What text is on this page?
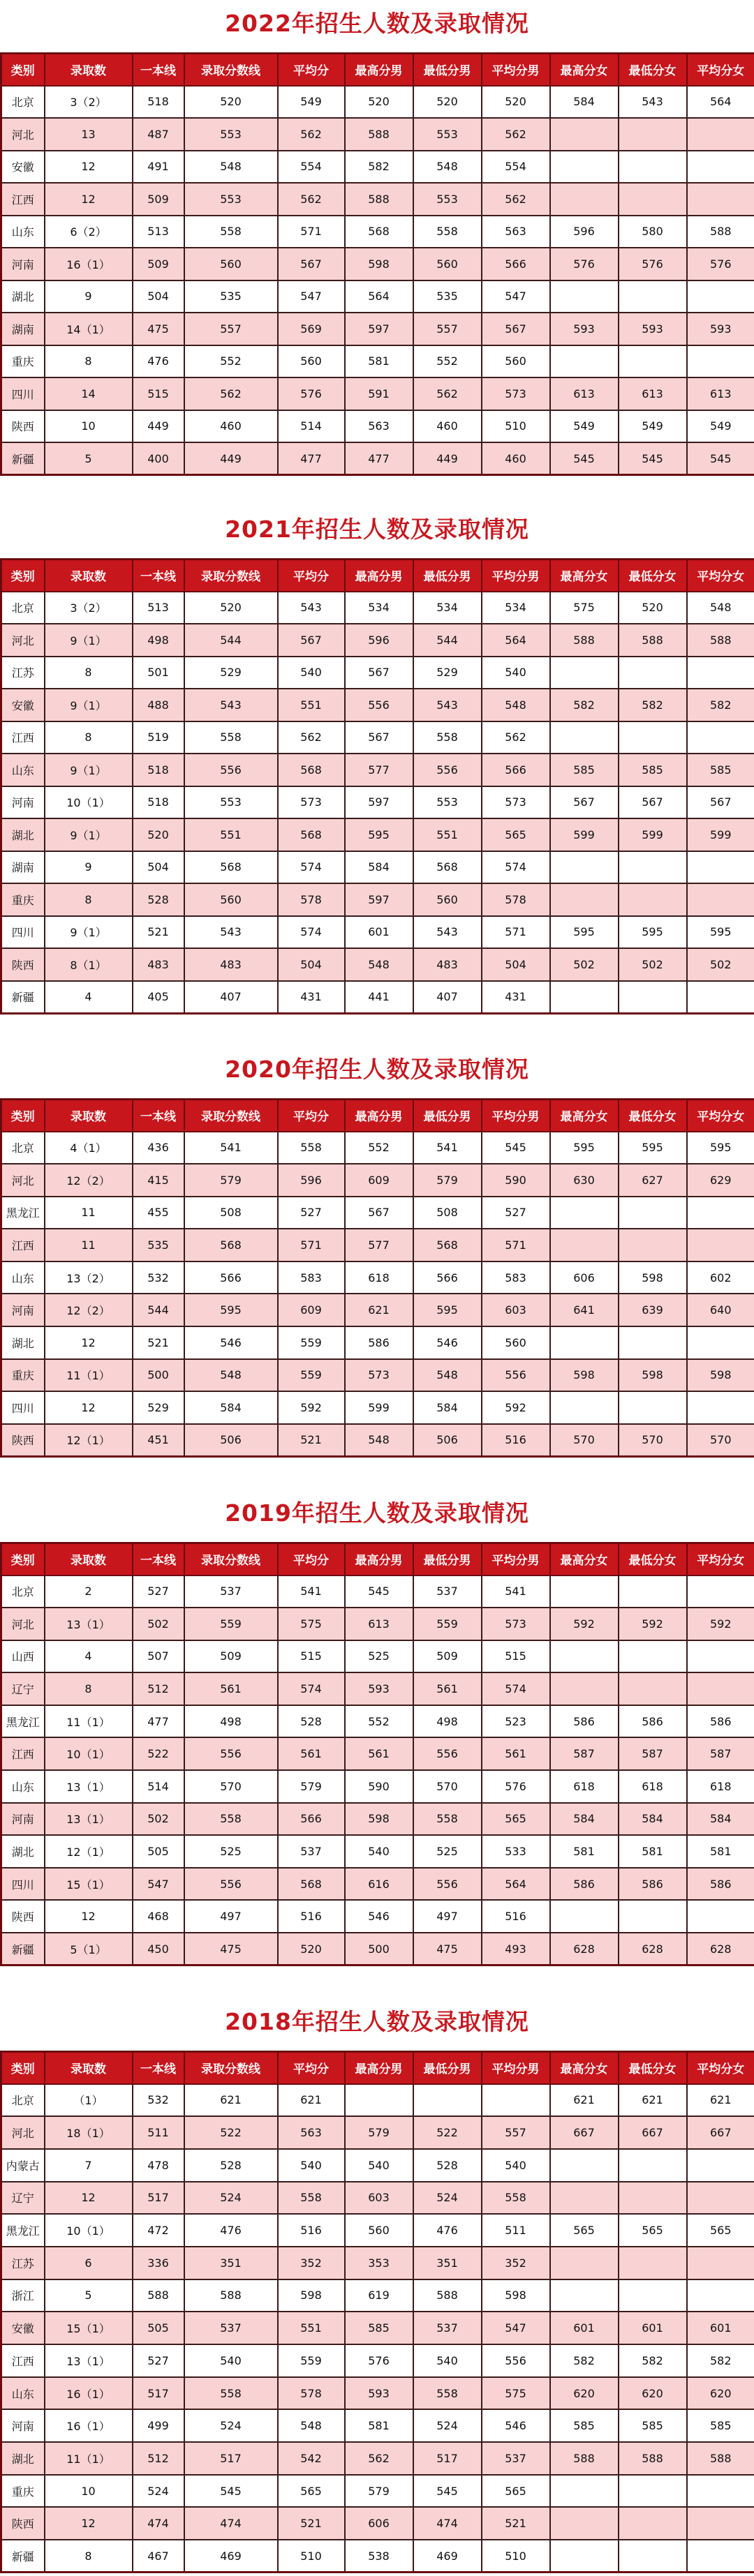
2022年招生人数及录取情况
类别	录取数	一本线	录取分数线	平均分	最高分男	最低分男	平均分男	最高分女	最低分女	平均分女
北京	3（2）	518	520	549	520	520	520	584	543	564
河北	13	487	553	562	588	553	562			
安徽	12	491	548	554	582	548	554			
江西	12	509	553	562	588	553	562			
山东	6（2）	513	558	571	568	558	563	596	580	588
河南	16（1）	509	560	567	598	560	566	576	576	576
湖北	9	504	535	547	564	535	547			
湖南	14（1）	475	557	569	597	557	567	593	593	593
重庆	8	476	552	560	581	552	560			
四川	14	515	562	576	591	562	573	613	613	613
陕西	10	449	460	514	563	460	510	549	549	549
新疆	5	400	449	477	477	449	460	545	545	545
2021年招生人数及录取情况
类别	录取数	一本线	录取分数线	平均分	最高分男	最低分男	平均分男	最高分女	最低分女	平均分女
北京	3（2）	513	520	543	534	534	534	575	520	548
河北	9（1）	498	544	567	596	544	564	588	588	588
江苏	8	501	529	540	567	529	540			
安徽	9（1）	488	543	551	556	543	548	582	582	582
江西	8	519	558	562	567	558	562			
山东	9（1）	518	556	568	577	556	566	585	585	585
河南	10（1）	518	553	573	597	553	573	567	567	567
湖北	9（1）	520	551	568	595	551	565	599	599	599
湖南	9	504	568	574	584	568	574			
重庆	8	528	560	578	597	560	578			
四川	9（1）	521	543	574	601	543	571	595	595	595
陕西	8（1）	483	483	504	548	483	504	502	502	502
新疆	4	405	407	431	441	407	431			
2020年招生人数及录取情况
类别	录取数	一本线	录取分数线	平均分	最高分男	最低分男	平均分男	最高分女	最低分女	平均分女
北京	4（1）	436	541	558	552	541	545	595	595	595
河北	12（2）	415	579	596	609	579	590	630	627	629
黑龙江	11	455	508	527	567	508	527			
江西	11	535	568	571	577	568	571			
山东	13（2）	532	566	583	618	566	583	606	598	602
河南	12（2）	544	595	609	621	595	603	641	639	640
湖北	12	521	546	559	586	546	560			
重庆	11（1）	500	548	559	573	548	556	598	598	598
四川	12	529	584	592	599	584	592			
陕西	12（1）	451	506	521	548	506	516	570	570	570
2019年招生人数及录取情况
类别	录取数	一本线	录取分数线	平均分	最高分男	最低分男	平均分男	最高分女	最低分女	平均分女
北京	2	527	537	541	545	537	541			
河北	13（1）	502	559	575	613	559	573	592	592	592
山西	4	507	509	515	525	509	515			
辽宁	8	512	561	574	593	561	574			
黑龙江	11（1）	477	498	528	552	498	523	586	586	586
江西	10（1）	522	556	561	561	556	561	587	587	587
山东	13（1）	514	570	579	590	570	576	618	618	618
河南	13（1）	502	558	566	598	558	565	584	584	584
湖北	12（1）	505	525	537	540	525	533	581	581	581
四川	15（1）	547	556	568	616	556	564	586	586	586
陕西	12	468	497	516	546	497	516			
新疆	5（1）	450	475	520	500	475	493	628	628	628
2018年招生人数及录取情况
类别	录取数	一本线	录取分数线	平均分	最高分男	最低分男	平均分男	最高分女	最低分女	平均分女
北京	（1）	532	621	621				621	621	621
河北	18（1）	511	522	563	579	522	557	667	667	667
内蒙古	7	478	528	540	540	528	540			
辽宁	12	517	524	558	603	524	558			
黑龙江	10（1）	472	476	516	560	476	511	565	565	565
江苏	6	336	351	352	353	351	352			
浙江	5	588	588	598	619	588	598			
安徽	15（1）	505	537	551	585	537	547	601	601	601
江西	13（1）	527	540	559	576	540	556	582	582	582
山东	16（1）	517	558	578	593	558	575	620	620	620
河南	16（1）	499	524	548	581	524	546	585	585	585
湖北	11（1）	512	517	542	562	517	537	588	588	588
重庆	10	524	545	565	579	545	565			
陕西	12	474	474	521	606	474	521			
新疆	8	467	469	510	538	469	510			
